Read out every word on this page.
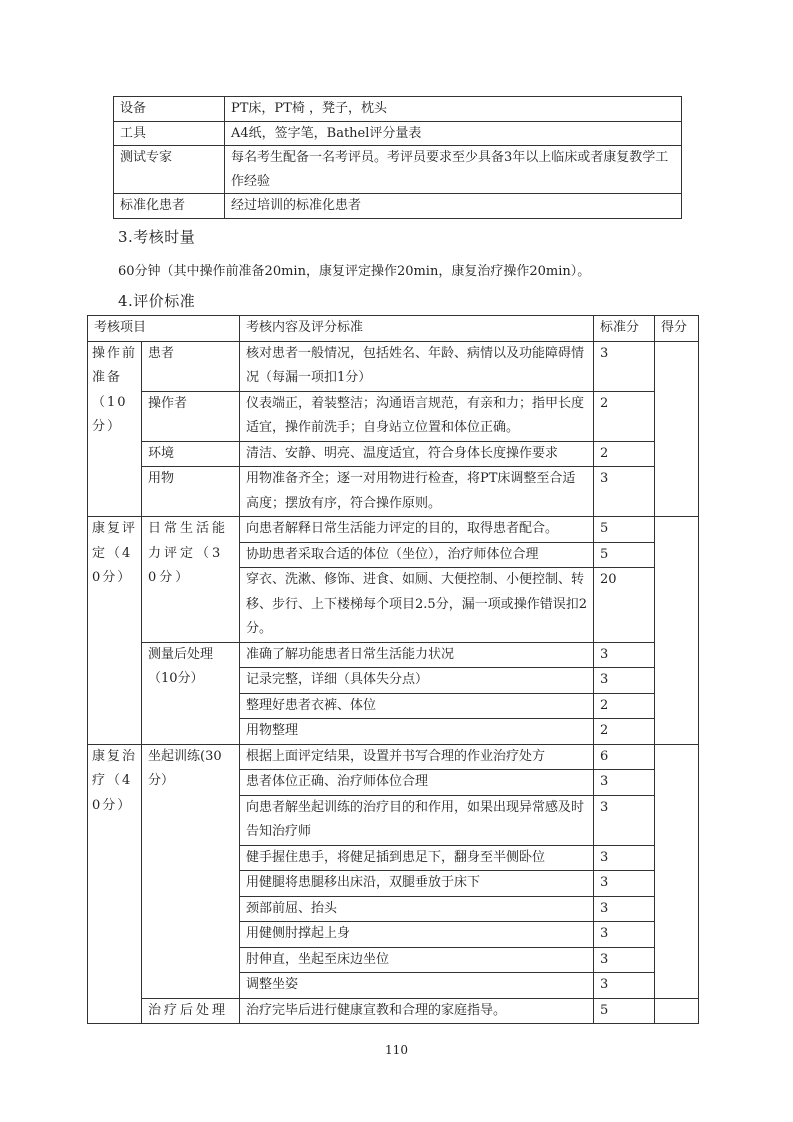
设备	PT床，PT椅 ，凳子，枕头
工具	A4纸，签字笔，Bathel评分量表
测试专家	每名考生配备一名考评员。考评员要求至少具备3年以上临床或者康复教学工作经验
标准化患者	经过培训的标准化患者
3.考核时量
60分钟（其中操作前准备20min，康复评定操作20min，康复治疗操作20min）。
4.评价标准
考核项目		考核内容及评分标准	标准分	得分
操作前准备（10分）	患者	核对患者一般情况，包括姓名、年龄、病情以及功能障碍情况（每漏一项扣1分）	3	
	操作者	仪表端正，着装整洁；沟通语言规范，有亲和力；指甲长度适宜，操作前洗手；自身站立位置和体位正确。	2	
	环境	清洁、安静、明亮、温度适宜，符合身体长度操作要求	2	
	用物	用物准备齐全；逐一对用物进行检查，将PT床调整至合适高度；摆放有序，符合操作原则。	3	
康复评定（40分）	日常生活能力评定（30分）	向患者解释日常生活能力评定的目的，取得患者配合。	5	
		协助患者采取合适的体位（坐位），治疗师体位合理	5	
		穿衣、洗漱、修饰、进食、如厕、大便控制、小便控制、转移、步行、上下楼梯每个项目2.5分，漏一项或操作错误扣2分。	20	
	测量后处理（10分）	准确了解功能患者日常生活能力状况	3	
		记录完整，详细（具体失分点）	3	
		整理好患者衣裤、体位	2	
		用物整理	2	
康复治疗（40分）	坐起训练(30分）	根据上面评定结果，设置并书写合理的作业治疗处方	6	
		患者体位正确、治疗师体位合理	3	
		向患者解坐起训练的治疗目的和作用，如果出现异常感及时告知治疗师	3	
		健手握住患手，将健足插到患足下，翻身至半侧卧位	3	
		用健腿将患腿移出床沿，双腿垂放于床下	3	
		颈部前屈、抬头	3	
		用健侧肘撑起上身	3	
		肘伸直，坐起至床边坐位	3	
		调整坐姿	3	
	治疗后处理	治疗完毕后进行健康宣教和合理的家庭指导。	5	
110
